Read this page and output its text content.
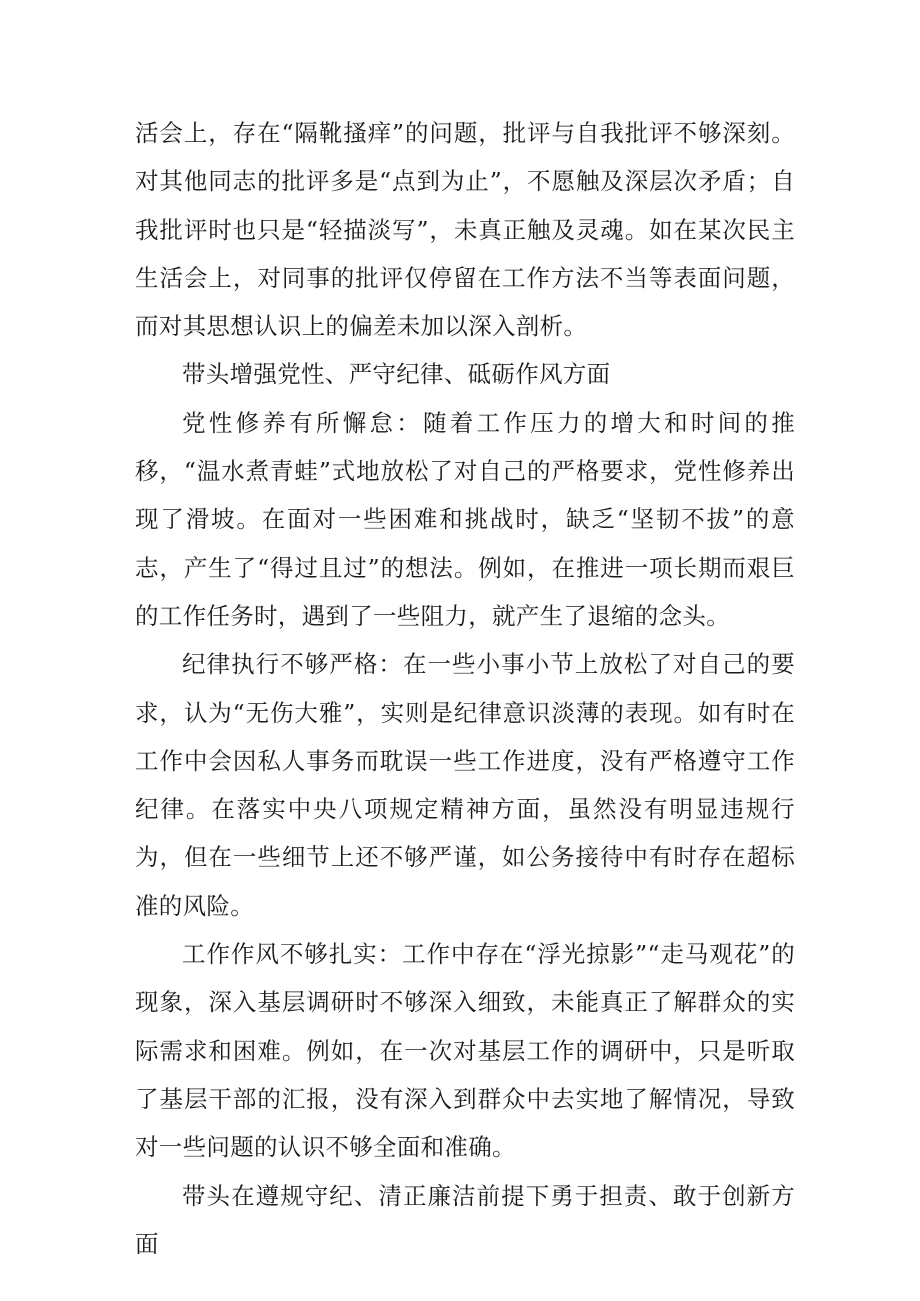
活会上，存在“隔靴搔痒”的问题，批评与自我批评不够深刻。对其他同志的批评多是“点到为止”，不愿触及深层次矛盾；自我批评时也只是“轻描淡写”，未真正触及灵魂。如在某次民主生活会上，对同事的批评仅停留在工作方法不当等表面问题，而对其思想认识上的偏差未加以深入剖析。

带头增强党性、严守纪律、砥砺作风方面

党性修养有所懈怠：随着工作压力的增大和时间的推移，“温水煮青蛙”式地放松了对自己的严格要求，党性修养出现了滑坡。在面对一些困难和挑战时，缺乏“坚韧不拔”的意志，产生了“得过且过”的想法。例如，在推进一项长期而艰巨的工作任务时，遇到了一些阻力，就产生了退缩的念头。

纪律执行不够严格：在一些小事小节上放松了对自己的要求，认为“无伤大雅”，实则是纪律意识淡薄的表现。如有时在工作中会因私人事务而耽误一些工作进度，没有严格遵守工作纪律。在落实中央八项规定精神方面，虽然没有明显违规行为，但在一些细节上还不够严谨，如公务接待中有时存在超标准的风险。

工作作风不够扎实：工作中存在“浮光掠影”“走马观花”的现象，深入基层调研时不够深入细致，未能真正了解群众的实际需求和困难。例如，在一次对基层工作的调研中，只是听取了基层干部的汇报，没有深入到群众中去实地了解情况，导致对一些问题的认识不够全面和准确。

带头在遵规守纪、清正廉洁前提下勇于担责、敢于创新方面
